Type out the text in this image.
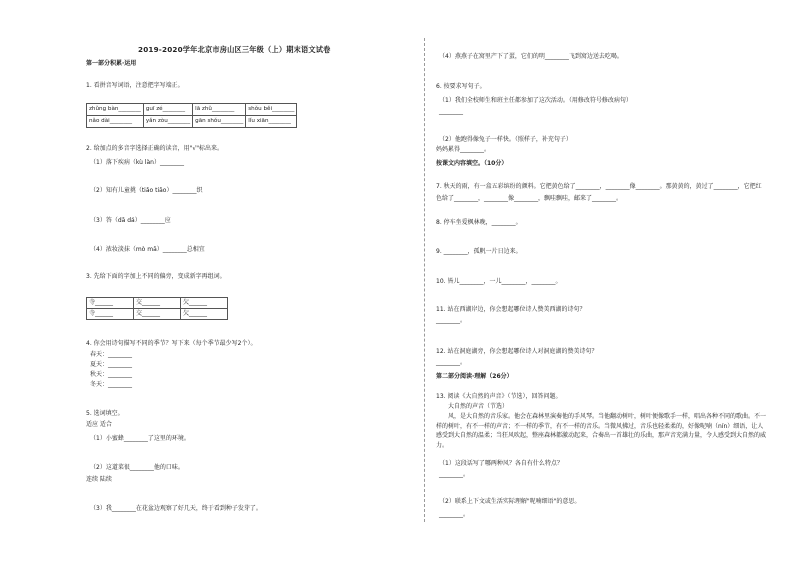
2019-2020学年北京市房山区三年级（上）期末语文试卷
第一部分积累·运用
1. 看拼音写词语，注意把字写端正。
zhǔnɡ bàn________	ɡuī zé________	lā zhǔ________	shǒu běi________
nǎo dài________	yǎn zòu________	ɡān shǒu________	lǐu xiān________
2. 给加点的多音字选择正确的读音，用"√"标出来。
（1）落下疾病（kù làn）________
（2）知有儿童挑（tiǎo tiāo）________织
（3）答（dā dá）________应
（4）浓妆淡抹（mò mā）________总相宜
3. 先给下面的字加上不同的偏旁，变成新字再组词。
寺______	交______	欠______
寺______	交______	欠______
4. 你会用诗句描写不同的季节？写下来（每个季节最少写2个）。
春天：________
夏天：________
秋天：________
冬天：________
5. 选词填空。
适应 适合
（1）小蜜蜂________了这里的环境。
（2）这道菜很________他的口味。
连续 陆续
（3）我________在花盆边观察了好几天，终于看到种子发芽了。
（4）燕燕子在窝里产下了蛋，它们的明________飞到窝边送去吃喝。
6. 按要求写句子。
（1）我们全校师生和班主任都参加了这次活动。（用修改符号修改病句）
________
（2）他跑得像兔子一样快。（照样子，补充句子）
妈妈累得________。
按课文内容填空。（10分）
7. 秋天的雨，有一盒五彩缤纷的颜料。它把黄色给了________，________像________。那黄黄的，黄过了________，它把红色给了________，________像________，飘哇飘哇，邮来了________。
8. 停车坐爱枫林晚，________。
9. ________，孤帆一片日边来。
10. 皆儿________，一儿________，________。
11. 站在西湖岸边，你会想起哪位诗人赞美西湖的诗句？
________。
12. 站在洞庭湖旁，你会想起哪位诗人对洞庭湖的赞美诗句？
________。
第二部分阅读·理解（26分）
13. 阅读《大自然的声音》（节选），回答问题。
大自然的声音（节选）
风，是大自然的音乐家。他会在森林里演奏他的手风琴。当他翻动树叶，树叶便像歌手一样，唱出各种不同的歌曲。不一样的树叶，有不一样的声音；不一样的季节，有不一样的音乐。当微风拂过，音乐也轻柔柔的，好像呢喃（nín）细语，让人感受到大自然的温柔；当狂风吹起，整座森林都激动起来，合奏出一首雄壮的乐曲，那声音充满力量，令人感受到大自然的威力。
（1）这段话写了哪两种风？各自有什么特点？
________。
（2）联系上下文或生活实际理解"呢喃细语"的意思。
________。
